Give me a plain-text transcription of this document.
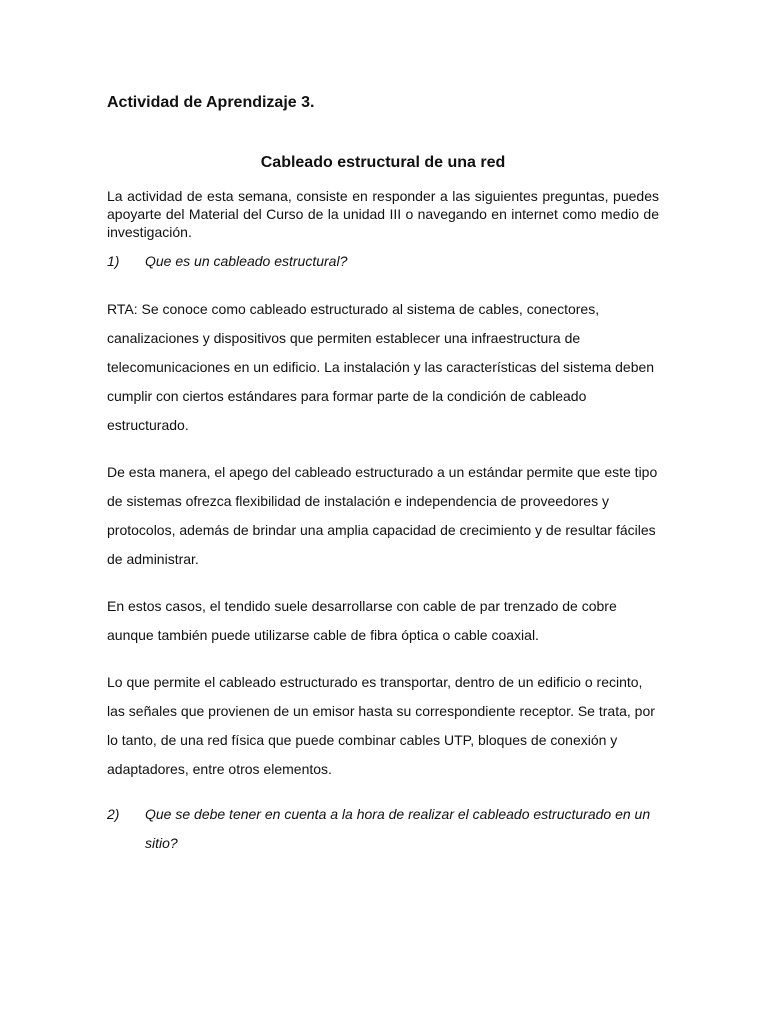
Actividad de Aprendizaje 3.
Cableado estructural de una red

La actividad de esta semana, consiste en responder a las siguientes preguntas, puedes apoyarte del Material del Curso de la unidad III o navegando en internet como medio de investigación.

1)	Que es un cableado estructural?

RTA: Se conoce como cableado estructurado al sistema de cables, conectores, canalizaciones y dispositivos que permiten establecer una infraestructura de telecomunicaciones en un edificio. La instalación y las características del sistema deben cumplir con ciertos estándares para formar parte de la condición de cableado estructurado.

De esta manera, el apego del cableado estructurado a un estándar permite que este tipo de sistemas ofrezca flexibilidad de instalación e independencia de proveedores y protocolos, además de brindar una amplia capacidad de crecimiento y de resultar fáciles de administrar.

En estos casos, el tendido suele desarrollarse con cable de par trenzado de cobre aunque también puede utilizarse cable de fibra óptica o cable coaxial.

Lo que permite el cableado estructurado es transportar, dentro de un edificio o recinto, las señales que provienen de un emisor hasta su correspondiente receptor. Se trata, por lo tanto, de una red física que puede combinar cables UTP, bloques de conexión y adaptadores, entre otros elementos.

2)	Que se debe tener en cuenta a la hora de realizar el cableado estructurado en un sitio?
